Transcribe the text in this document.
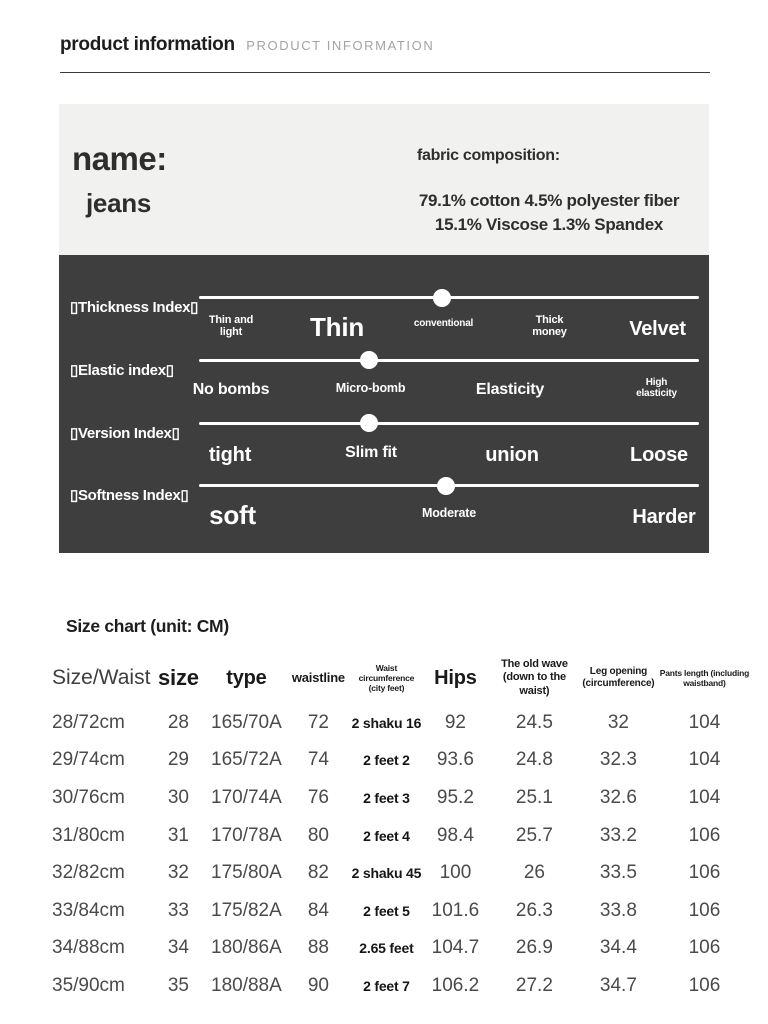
product information PRODUCT INFORMATION
name:
jeans
fabric composition:
79.1% cotton 4.5% polyester fiber
15.1% Viscose 1.3% Spandex
▯Thickness Index▯
Thin and light	Thin	conventional	Thick money	Velvet
▯Elastic index▯
No bombs	Micro-bomb	Elasticity	High elasticity
▯Version Index▯
tight	Slim fit	union	Loose
▯Softness Index▯
soft	Moderate	Harder
Size chart (unit: CM)
Size/Waist	size	type	waistline	Waist circumference (city feet)	Hips	The old wave (down to the waist)	Leg opening (circumference)	Pants length (including waistband)
28/72cm	28	165/70A	72	2 shaku 16	92	24.5	32	104
29/74cm	29	165/72A	74	2 feet 2	93.6	24.8	32.3	104
30/76cm	30	170/74A	76	2 feet 3	95.2	25.1	32.6	104
31/80cm	31	170/78A	80	2 feet 4	98.4	25.7	33.2	106
32/82cm	32	175/80A	82	2 shaku 45	100	26	33.5	106
33/84cm	33	175/82A	84	2 feet 5	101.6	26.3	33.8	106
34/88cm	34	180/86A	88	2.65 feet	104.7	26.9	34.4	106
35/90cm	35	180/88A	90	2 feet 7	106.2	27.2	34.7	106
